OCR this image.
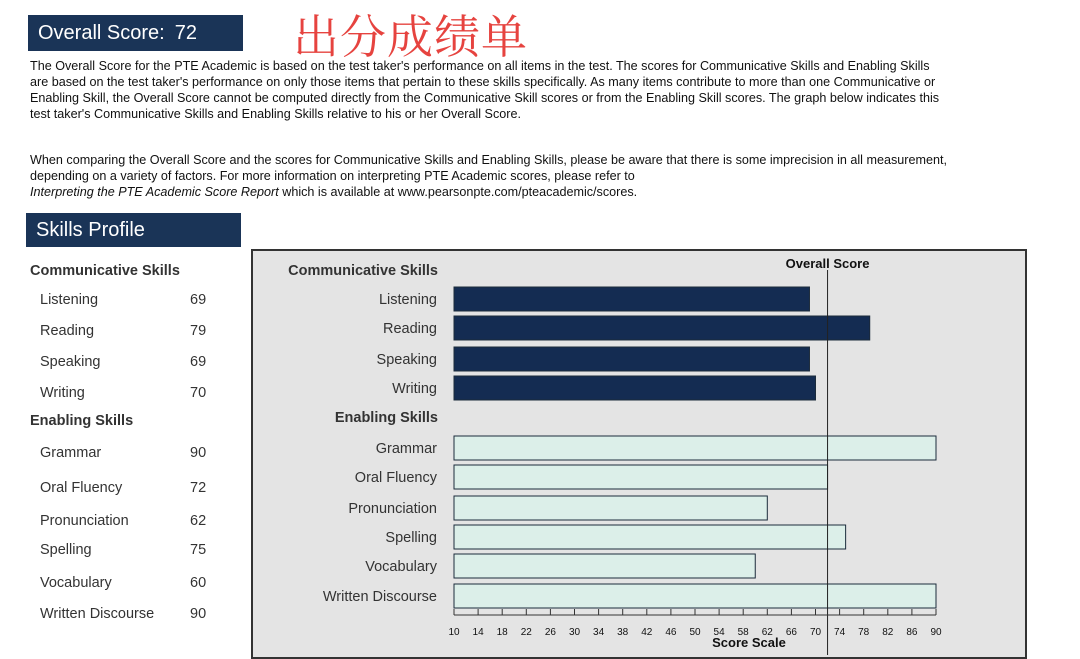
Overall Score: 72 出分成绩单

The Overall Score for the PTE Academic is based on the test taker's performance on all items in the test. The scores for Communicative Skills and Enabling Skills are based on the test taker's performance on only those items that pertain to these skills specifically. As many items contribute to more than one Communicative or Enabling Skill, the Overall Score cannot be computed directly from the Communicative Skill scores or from the Enabling Skill scores. The graph below indicates this test taker's Communicative Skills and Enabling Skills relative to his or her Overall Score.

When comparing the Overall Score and the scores for Communicative Skills and Enabling Skills, please be aware that there is some imprecision in all measurement, depending on a variety of factors. For more information on interpreting PTE Academic scores, please refer to
Interpreting the PTE Academic Score Report which is available at www.pearsonpte.com/pteacademic/scores.

Skills Profile
Communicative Skills
Listening	69
Reading	79
Speaking	69
Writing	70
Enabling Skills
Grammar	90
Oral Fluency	72
Pronunciation	62
Spelling	75
Vocabulary	60
Written Discourse 90
Communicative Skills
Listening
Reading
Speaking
Writing
Enabling Skills
Grammar
Oral Fluency
Pronunciation
Spelling
Vocabulary
Written Discourse
Overall Score
10 14 18 22 26 30 34 38 42 46 50 54 58 62 66 70 74 78 82 86 90
Score Scale
